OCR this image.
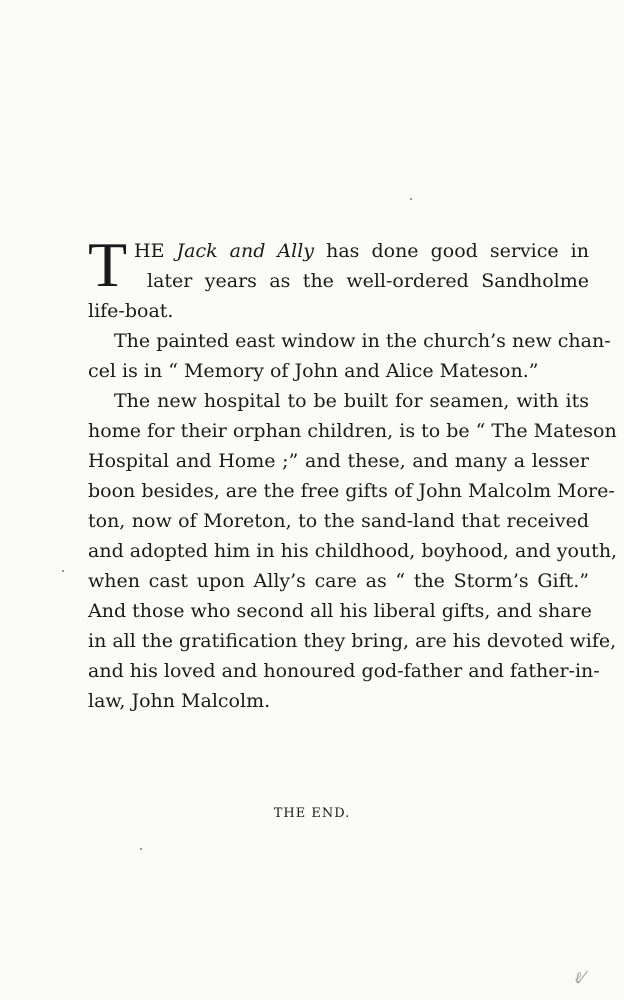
T HE Jack and Ally has done good service in
later years as the well-ordered Sandholme
life-boat.
The painted east window in the church’s new chan-
cel is in “ Memory of John and Alice Mateson.”
The new hospital to be built for seamen, with its
home for their orphan children, is to be “ The Mateson
Hospital and Home ;” and these, and many a lesser
boon besides, are the free gifts of John Malcolm More-
ton, now of Moreton, to the sand-land that received
and adopted him in his childhood, boyhood, and youth,
when cast upon Ally’s care as “ the Storm’s Gift.”
And those who second all his liberal gifts, and share
in all the gratification they bring, are his devoted wife,
and his loved and honoured god-father and father-in-
law, John Malcolm.
THE END.
ℓ⁄
